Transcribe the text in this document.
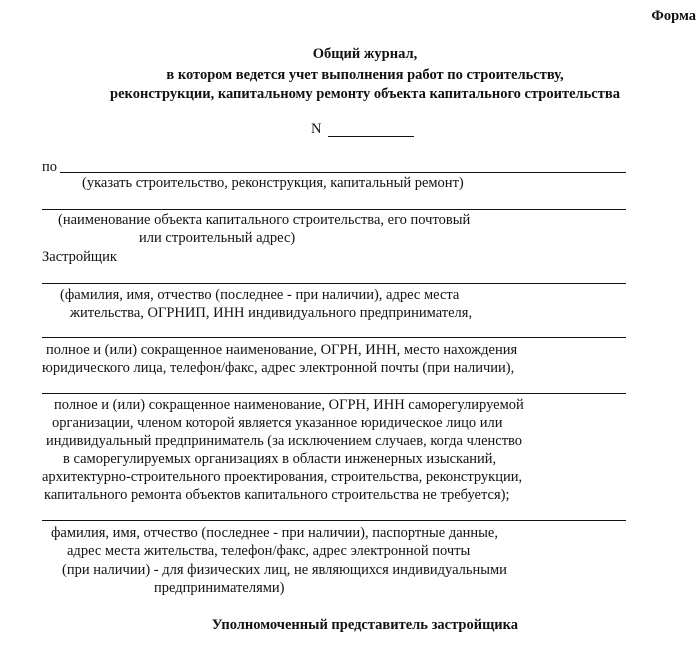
Форма
Общий журнал,
в котором ведется учет выполнения работ по строительству,
реконструкции, капитальному ремонту объекта капитального строительства
N
по
(указать строительство, реконструкция, капитальный ремонт)
(наименование объекта капитального строительства, его почтовый
или строительный адрес)
Застройщик
(фамилия, имя, отчество (последнее - при наличии), адрес места
жительства, ОГРНИП, ИНН индивидуального предпринимателя,
полное и (или) сокращенное наименование, ОГРН, ИНН, место нахождения
юридического лица, телефон/факс, адрес электронной почты (при наличии),
полное и (или) сокращенное наименование, ОГРН, ИНН саморегулируемой
организации, членом которой является указанное юридическое лицо или
индивидуальный предприниматель (за исключением случаев, когда членство
в саморегулируемых организациях в области инженерных изысканий,
архитектурно-строительного проектирования, строительства, реконструкции,
капитального ремонта объектов капитального строительства не требуется);
фамилия, имя, отчество (последнее - при наличии), паспортные данные,
адрес места жительства, телефон/факс, адрес электронной почты
(при наличии) - для физических лиц, не являющихся индивидуальными
предпринимателями)
Уполномоченный представитель застройщика
